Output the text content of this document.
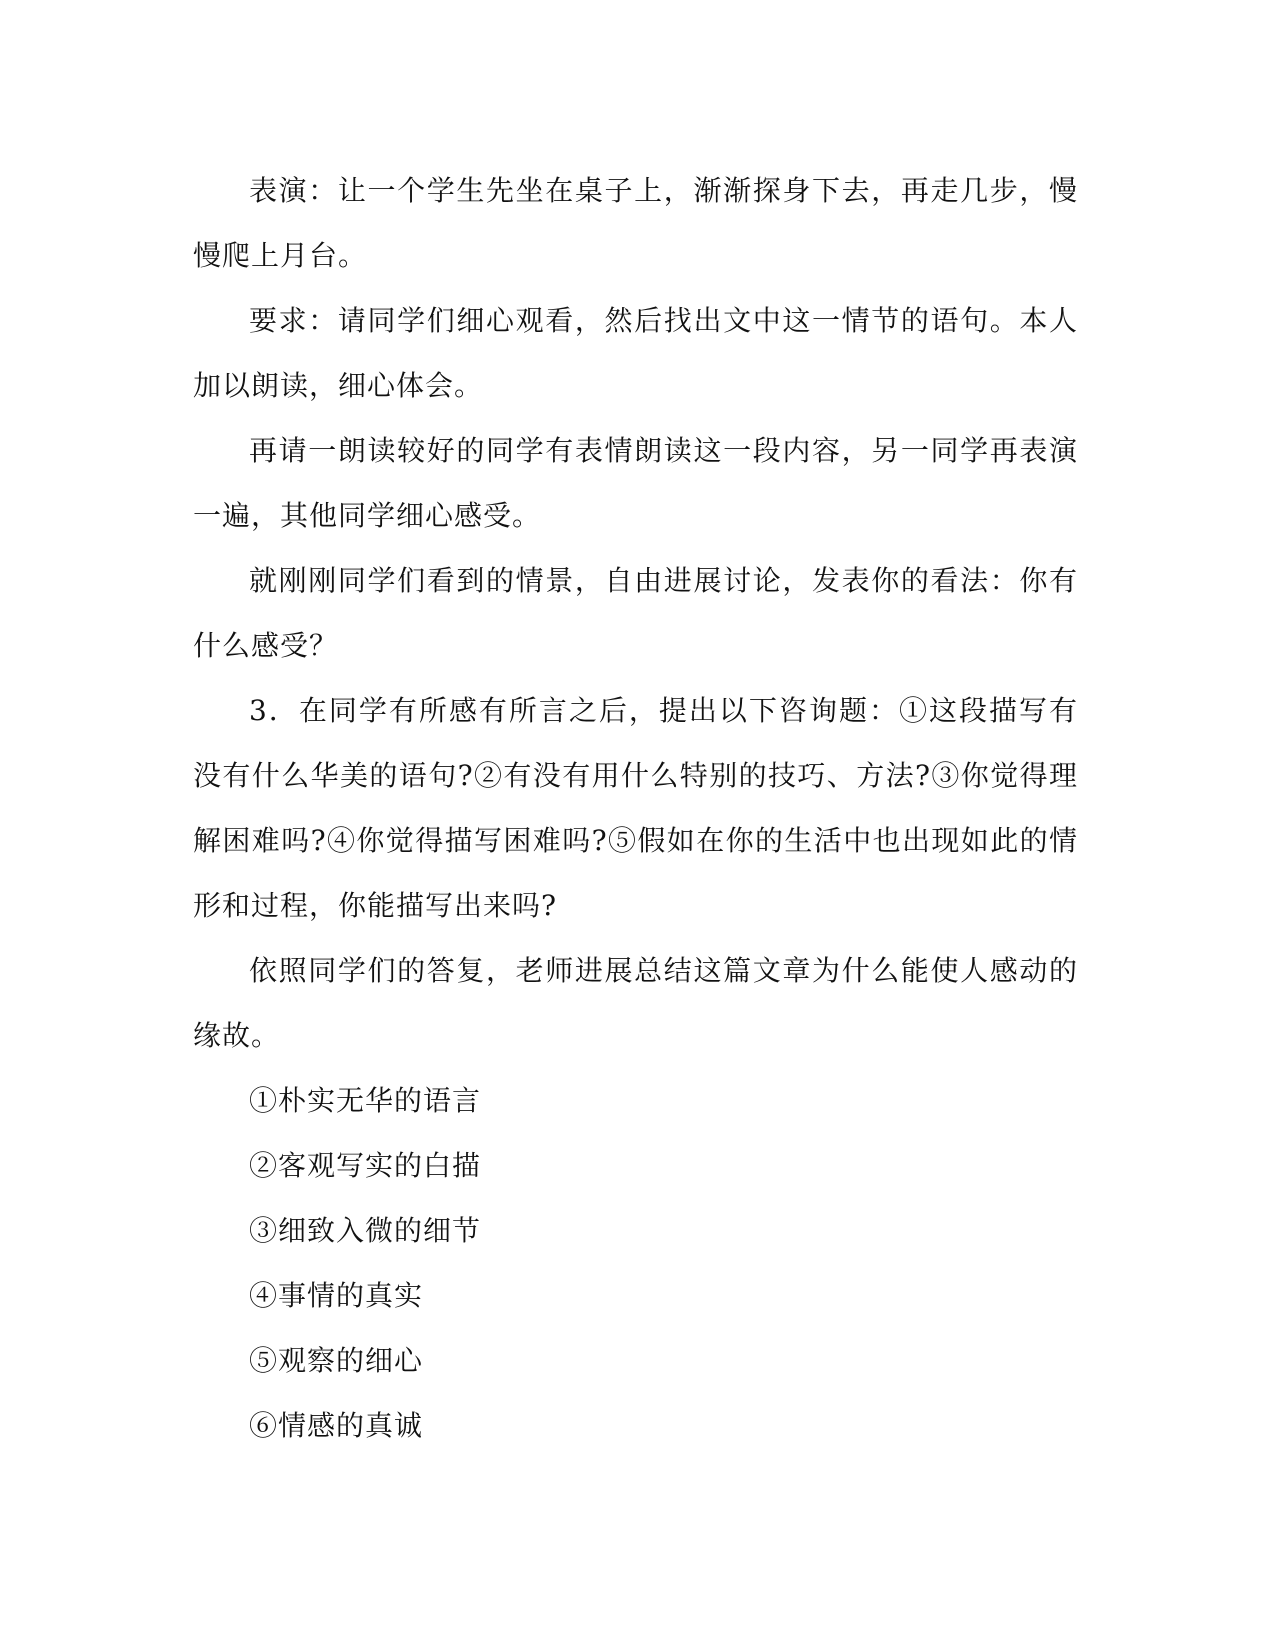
表演：让一个学生先坐在桌子上，渐渐探身下去，再走几步，慢慢爬上月台。

要求：请同学们细心观看，然后找出文中这一情节的语句。本人加以朗读，细心体会。

再请一朗读较好的同学有表情朗读这一段内容，另一同学再表演一遍，其他同学细心感受。

就刚刚同学们看到的情景，自由进展讨论，发表你的看法：你有什么感受？

3．在同学有所感有所言之后，提出以下咨询题：①这段描写有没有什么华美的语句?②有没有用什么特别的技巧、方法?③你觉得理解困难吗?④你觉得描写困难吗?⑤假如在你的生活中也出现如此的情形和过程，你能描写出来吗?

依照同学们的答复，老师进展总结这篇文章为什么能使人感动的缘故。

①朴实无华的语言

②客观写实的白描

③细致入微的细节

④事情的真实

⑤观察的细心

⑥情感的真诚
